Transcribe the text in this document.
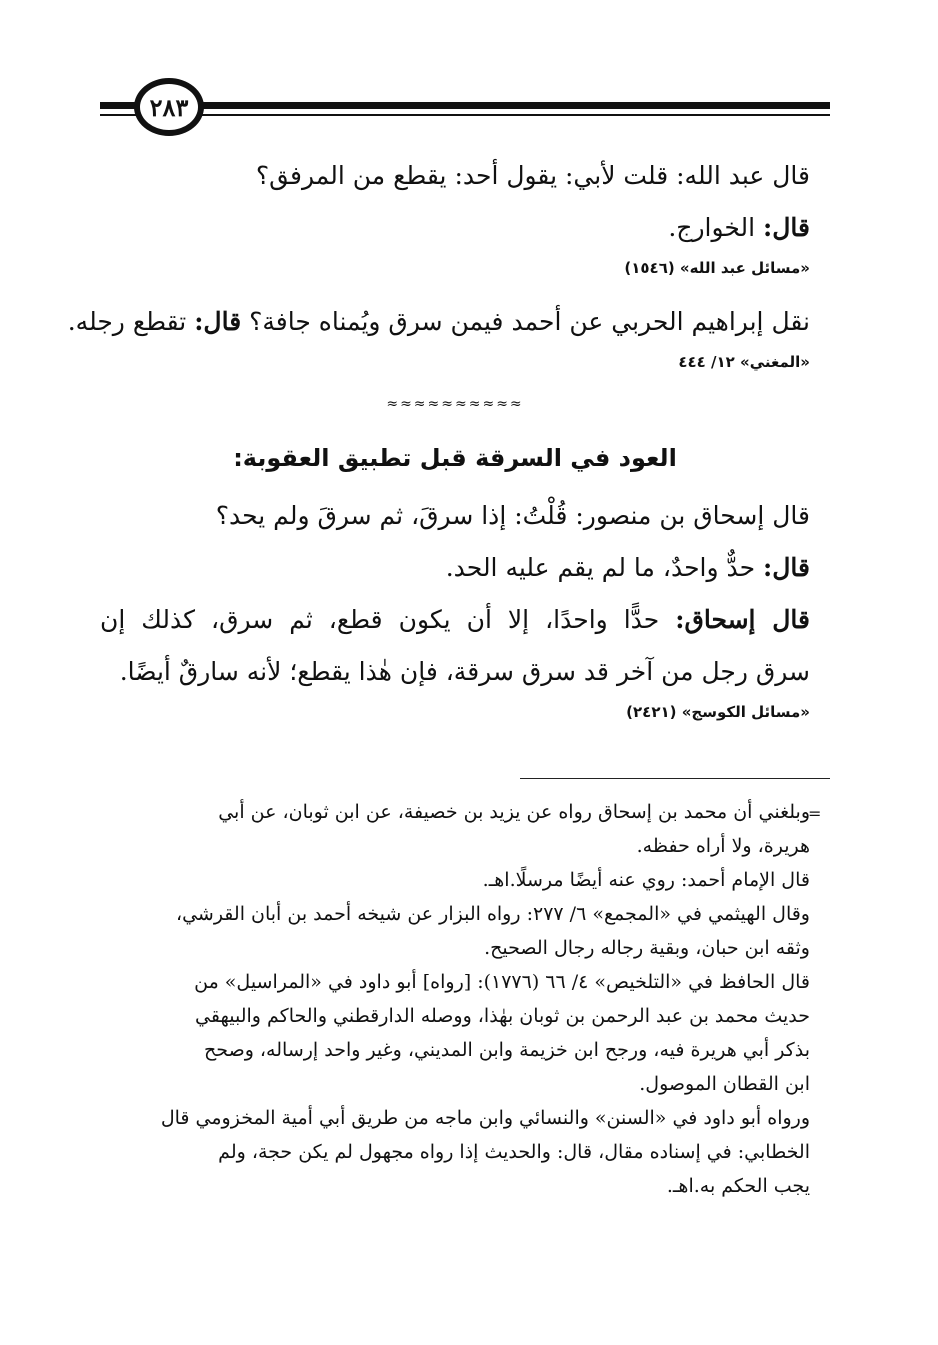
٢٨٣
قال عبد الله: قلت لأبي: يقول أحد: يقطع من المرفق؟
قال: الخوارج.
«مسائل عبد الله» (١٥٤٦)
نقل إبراهيم الحربي عن أحمد فيمن سرق ويُمناه جافة؟ قال: تقطع رجله.
«المغني» ١٢/ ٤٤٤
≈≈≈≈≈≈≈≈≈≈
العود في السرقة قبل تطبيق العقوبة:
قال إسحاق بن منصور: قُلْتُ: إذا سرقَ، ثم سرقَ ولم يحد؟
قال: حدٌّ واحدٌ، ما لم يقم عليه الحد.
قال إسحاق: حدًّا واحدًا، إلا أن يكون قطع، ثم سرق، كذلك إن
سرق رجل من آخر قد سرق سرقة، فإن هٰذا يقطع؛ لأنه سارقٌ أيضًا.
«مسائل الكوسج» (٢٤٢١)
=
وبلغني أن محمد بن إسحاق رواه عن يزيد بن خصيفة، عن ابن ثوبان، عن أبي
هريرة، ولا أراه حفظه.
قال الإمام أحمد: روي عنه أيضًا مرسلًا.اهـ.
وقال الهيثمي في «المجمع» ٦/ ٢٧٧: رواه البزار عن شيخه أحمد بن أبان القرشي،
وثقه ابن حبان، وبقية رجاله رجال الصحيح.
قال الحافظ في «التلخيص» ٤/ ٦٦ (١٧٧٦): [رواه] أبو داود في «المراسيل» من
حديث محمد بن عبد الرحمن بن ثوبان بهٰذا، ووصله الدارقطني والحاكم والبيهقي
بذكر أبي هريرة فيه، ورجح ابن خزيمة وابن المديني، وغير واحد إرساله، وصحح
ابن القطان الموصول.
ورواه أبو داود في «السنن» والنسائي وابن ماجه من طريق أبي أمية المخزومي قال
الخطابي: في إسناده مقال، قال: والحديث إذا رواه مجهول لم يكن حجة، ولم
يجب الحكم به.اهـ.
